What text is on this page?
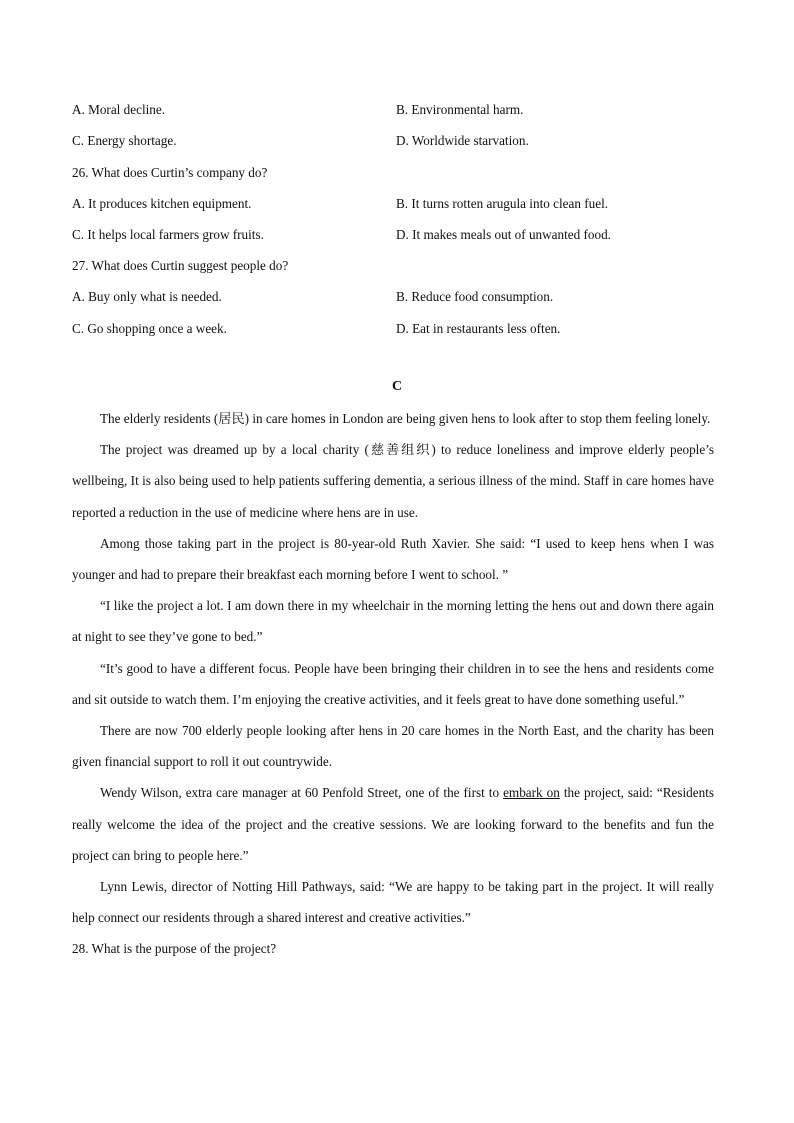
A. Moral decline.	B. Environmental harm.
C. Energy shortage.	D. Worldwide starvation.
26. What does Curtin’s company do?
A. It produces kitchen equipment.	B. It turns rotten arugula into clean fuel.
C. It helps local farmers grow fruits.	D. It makes meals out of unwanted food.
27. What does Curtin suggest people do?
A. Buy only what is needed.	B. Reduce food consumption.
C. Go shopping once a week.	D. Eat in restaurants less often.
C

The elderly residents (居民) in care homes in London are being given hens to look after to stop them feeling lonely.

The project was dreamed up by a local charity (慈善组织) to reduce loneliness and improve elderly people’s wellbeing, It is also being used to help patients suffering dementia, a serious illness of the mind. Staff in care homes have reported a reduction in the use of medicine where hens are in use.

Among those taking part in the project is 80-year-old Ruth Xavier. She said: “I used to keep hens when I was younger and had to prepare their breakfast each morning before I went to school. ”

“I like the project a lot. I am down there in my wheelchair in the morning letting the hens out and down there again at night to see they’ve gone to bed.”

“It’s good to have a different focus. People have been bringing their children in to see the hens and residents come and sit outside to watch them. I’m enjoying the creative activities, and it feels great to have done something useful.”

There are now 700 elderly people looking after hens in 20 care homes in the North East, and the charity has been given financial support to roll it out countrywide.

Wendy Wilson, extra care manager at 60 Penfold Street, one of the first to embark on the project, said: “Residents really welcome the idea of the project and the creative sessions. We are looking forward to the benefits and fun the project can bring to people here.”

Lynn Lewis, director of Notting Hill Pathways, said: “We are happy to be taking part in the project. It will really help connect our residents through a shared interest and creative activities.”

28. What is the purpose of the project?
